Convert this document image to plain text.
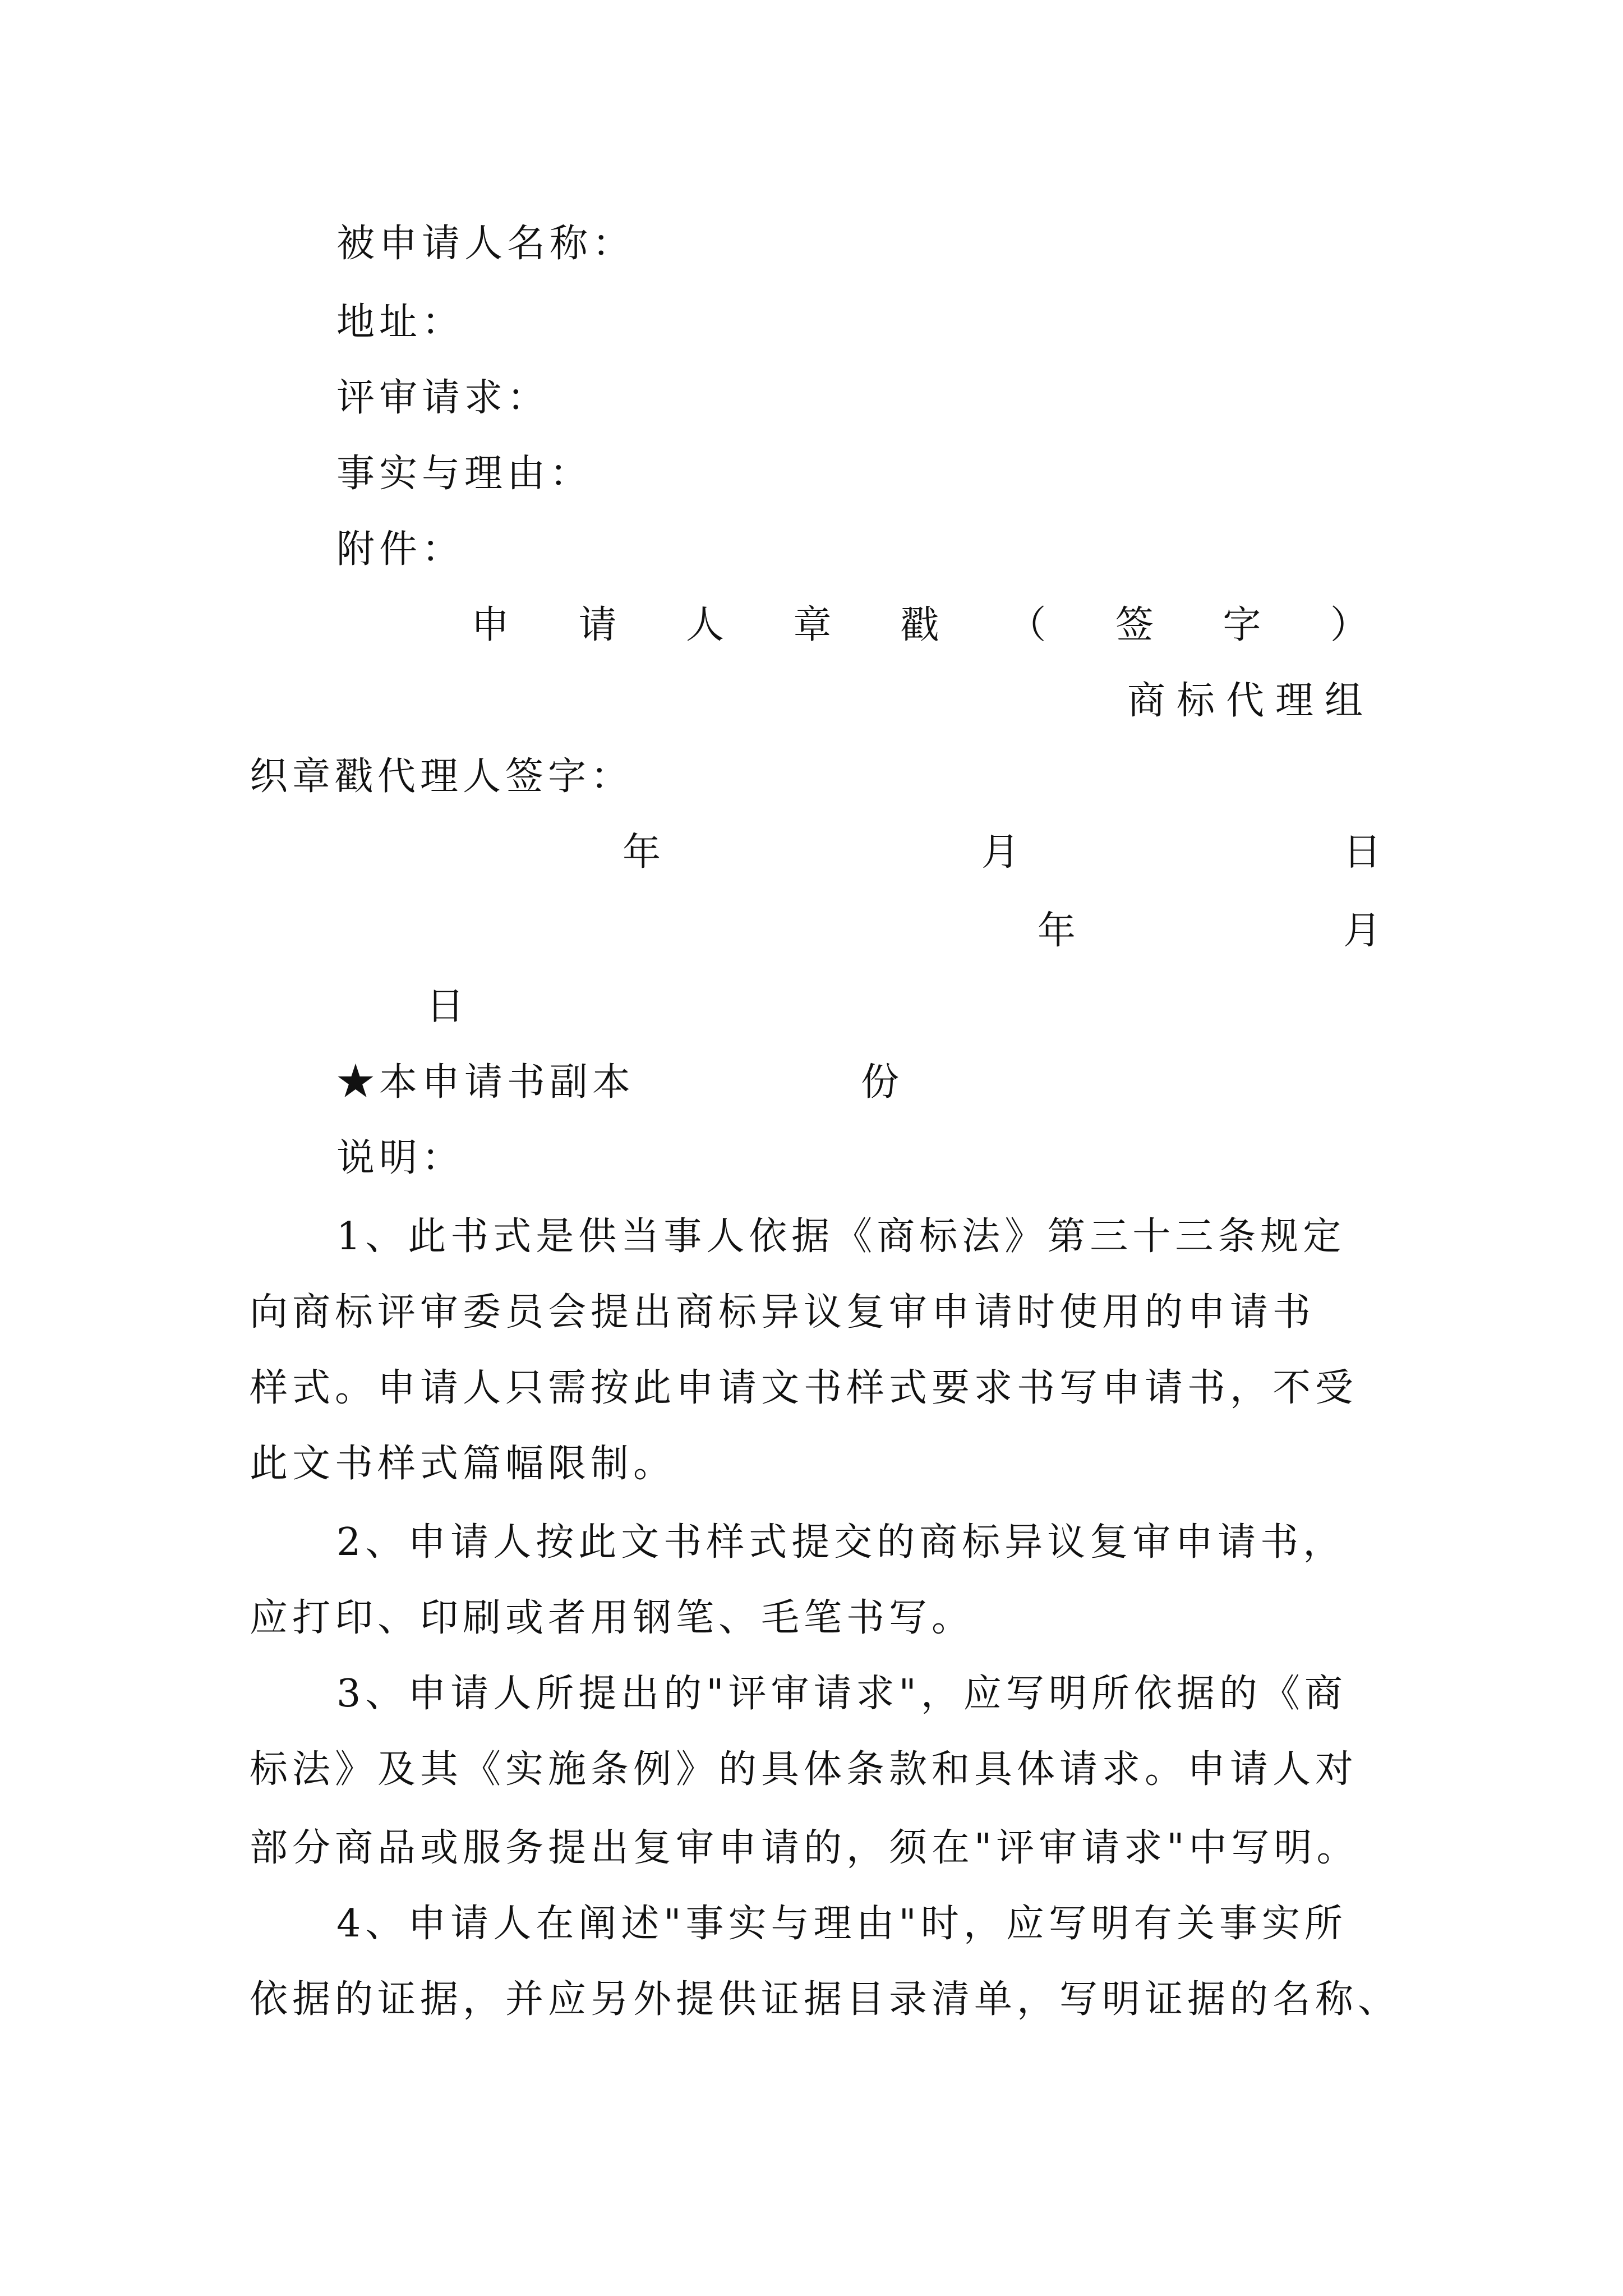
被申请人名称：
地址：
评审请求：
事实与理由：
附件：
申 请 人 章 戳 （ 签 字 ）
商标代理组
织章戳代理人签字：
年	月	日
年	月
日
★本申请书副本	份
说明：
1、此书式是供当事人依据《商标法》第三十三条规定
向商标评审委员会提出商标异议复审申请时使用的申请书
样式。申请人只需按此申请文书样式要求书写申请书，不受
此文书样式篇幅限制。
2、申请人按此文书样式提交的商标异议复审申请书，
应打印、印刷或者用钢笔、毛笔书写。
3、申请人所提出的"评审请求"，应写明所依据的《商
标法》及其《实施条例》的具体条款和具体请求。申请人对
部分商品或服务提出复审申请的，须在"评审请求"中写明。
4、申请人在阐述"事实与理由"时，应写明有关事实所
依据的证据，并应另外提供证据目录清单，写明证据的名称、
